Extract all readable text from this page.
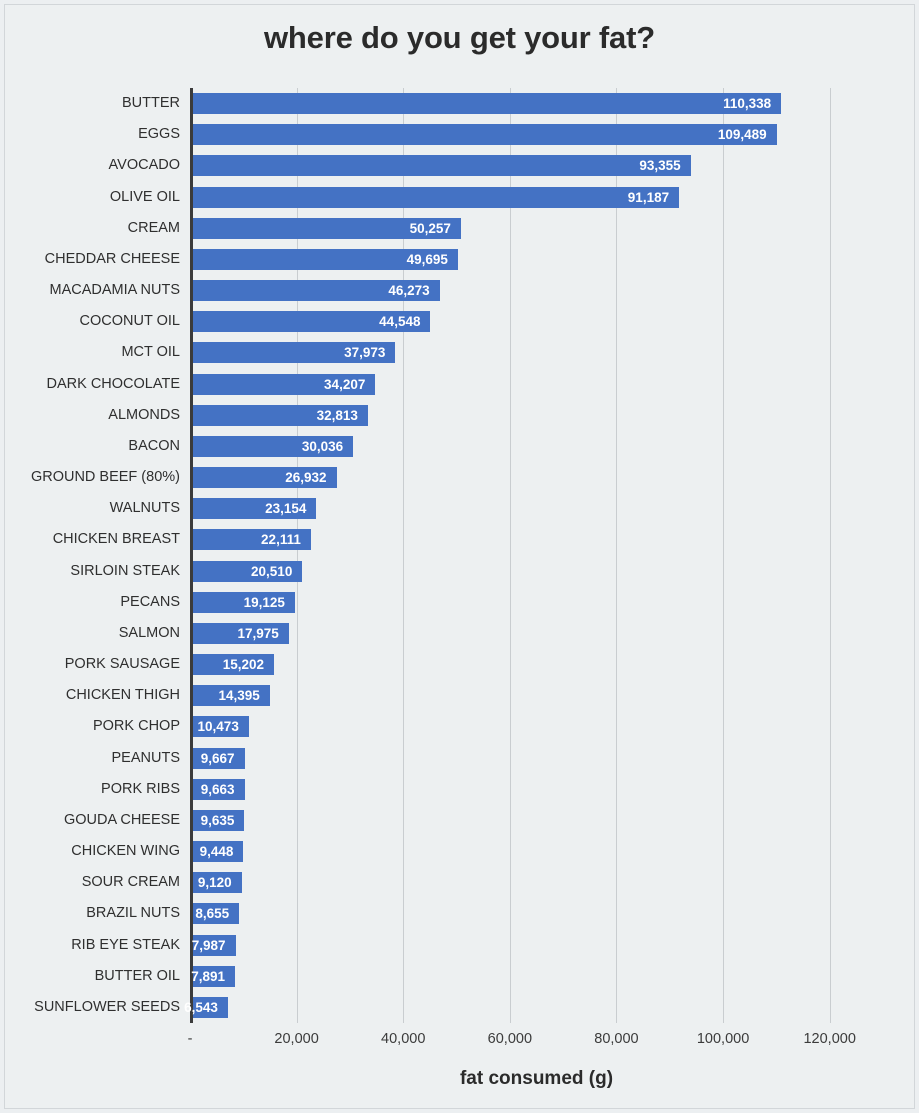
where do you get your fat?
BUTTER	110,338
EGGS	109,489
AVOCADO	93,355
OLIVE OIL	91,187
CREAM	50,257
CHEDDAR CHEESE	49,695
MACADAMIA NUTS	46,273
COCONUT OIL	44,548
MCT OIL	37,973
DARK CHOCOLATE	34,207
ALMONDS	32,813
BACON	30,036
GROUND BEEF (80%)	26,932
WALNUTS	23,154
CHICKEN BREAST	22,111
SIRLOIN STEAK	20,510
PECANS	19,125
SALMON	17,975
PORK SAUSAGE	15,202
CHICKEN THIGH	14,395
PORK CHOP 10,473
PEANUTS 9,667
PORK RIBS 9,663
GOUDA CHEESE 9,635
CHICKEN WING 9,448
SOUR CREAM 9,120
BRAZIL NUTS 8,655
RIB EYE STEAK 7,987
BUTTER OIL 7,891
SUNFLOWER SEEDS 6,543
-	20,000	40,000	60,000	80,000	100,000	120,000
fat consumed (g)
